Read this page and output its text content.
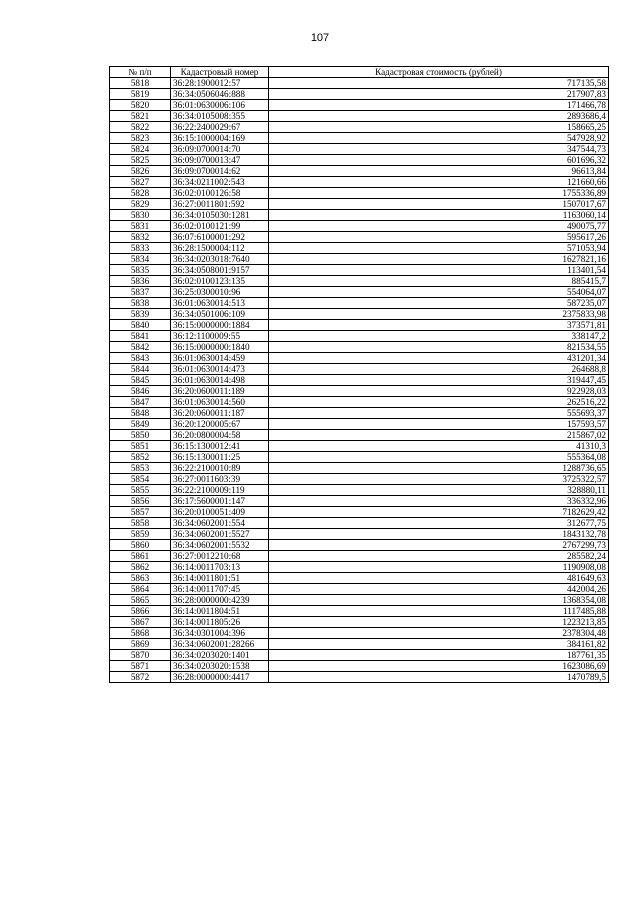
107
№ п/п	Кадастровый номер	Кадастровая стоимость (рублей)
5818	36:28:1900012:57	717135,58
5819	36:34:0506046:888	217907,83
5820	36:01:0630006:106	171466,78
5821	36:34:0105008:355	2893686,4
5822	36:22:2400029:67	158665,25
5823	36:15:1000004:169	547928,92
5824	36:09:0700014:70	347544,73
5825	36:09:0700013:47	601696,32
5826	36:09:0700014:62	96613,84
5827	36:34:0211002:543	121660,66
5828	36:02:0100126:58	1755336,89
5829	36:27:0011801:592	1507017,67
5830	36:34:0105030:1281	1163060,14
5831	36:02:0100121:99	490075,77
5832	36:07:6100001:292	595617,26
5833	36:28:1500004:112	571053,94
5834	36:34:0203018:7640	1627821,16
5835	36:34:0508001:9157	113401,54
5836	36:02:0100123:135	885415,7
5837	36:25:0300010:96	554064,07
5838	36:01:0630014:513	587235,07
5839	36:34:0501006:109	2375833,98
5840	36:15:0000000:1884	373571,81
5841	36:12:1100009:55	338147,2
5842	36:15:0000000:1840	821534,55
5843	36:01:0630014:459	431201,34
5844	36:01:0630014:473	264688,8
5845	36:01:0630014:498	319447,45
5846	36:20:0600011:189	922928,03
5847	36:01:0630014:560	262516,22
5848	36:20:0600011:187	555693,37
5849	36:20:1200005:67	157593,57
5850	36:20:0800004:58	215867,02
5851	36:15:1300012:41	41310,3
5852	36:15:1300011:25	555364,08
5853	36:22:2100010:89	1288736,65
5854	36:27:0011603:39	3725322,57
5855	36:22:2100009:119	328880,11
5856	36:17:5600001:147	336332,96
5857	36:20:0100051:409	7182629,42
5858	36:34:0602001:554	312677,75
5859	36:34:0602001:5527	1843132,78
5860	36:34:0602001:5532	2767299,73
5861	36:27:0012210:68	285582,24
5862	36:14:0011703:13	1190908,08
5863	36:14:0011801:51	481649,63
5864	36:14:0011707:45	442004,26
5865	36:28:0000000:4239	1368354,08
5866	36:14:0011804:51	1117485,88
5867	36:14:0011805:26	1223213,85
5868	36:34:0301004:396	2378304,48
5869	36:34:0602001:28266	384161,82
5870	36:34:0203020:1401	187761,35
5871	36:34:0203020:1538	1623086,69
5872	36:28:0000000:4417	1470789,5
